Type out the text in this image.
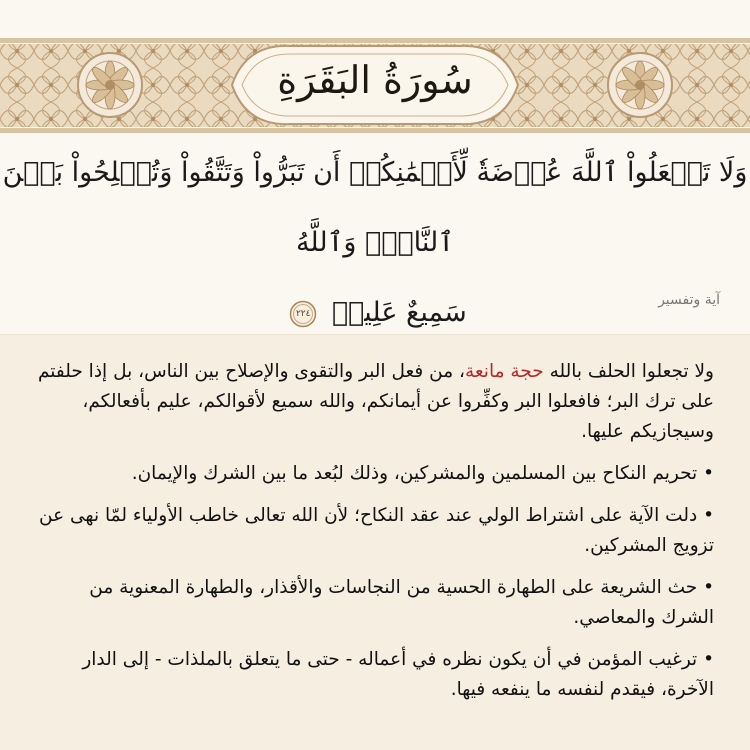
سُورَةُ البَقَرَةِ
وَلَا تَجۡعَلُواْ ٱللَّهَ عُرۡضَةٗ لِّأَيۡمَٰنِكُمۡ أَن تَبَرُّواْ وَتَتَّقُواْ وَتُصۡلِحُواْ بَيۡنَ ٱلنَّاسِۚ وَٱللَّهُ
سَمِيعٌ عَلِيمٞ
٢٢٤
آية وتفسير

ولا تجعلوا الحلف بالله حجة مانعة، من فعل البر والتقوى والإصلاح بين الناس، بل إذا حلفتم على ترك البر؛ فافعلوا البر وكفِّروا عن أيمانكم، والله سميع لأقوالكم، عليم بأفعالكم، وسيجازيكم عليها.

• تحريم النكاح بين المسلمين والمشركين، وذلك لبُعد ما بين الشرك والإيمان.

• دلت الآية على اشتراط الولي عند عقد النكاح؛ لأن الله تعالى خاطب الأولياء لمّا نهى عن تزويج المشركين.

• حث الشريعة على الطهارة الحسية من النجاسات والأقذار، والطهارة المعنوية من الشرك والمعاصي.

• ترغيب المؤمن في أن يكون نظره في أعماله - حتى ما يتعلق بالملذات - إلى الدار الآخرة، فيقدم لنفسه ما ينفعه فيها.
